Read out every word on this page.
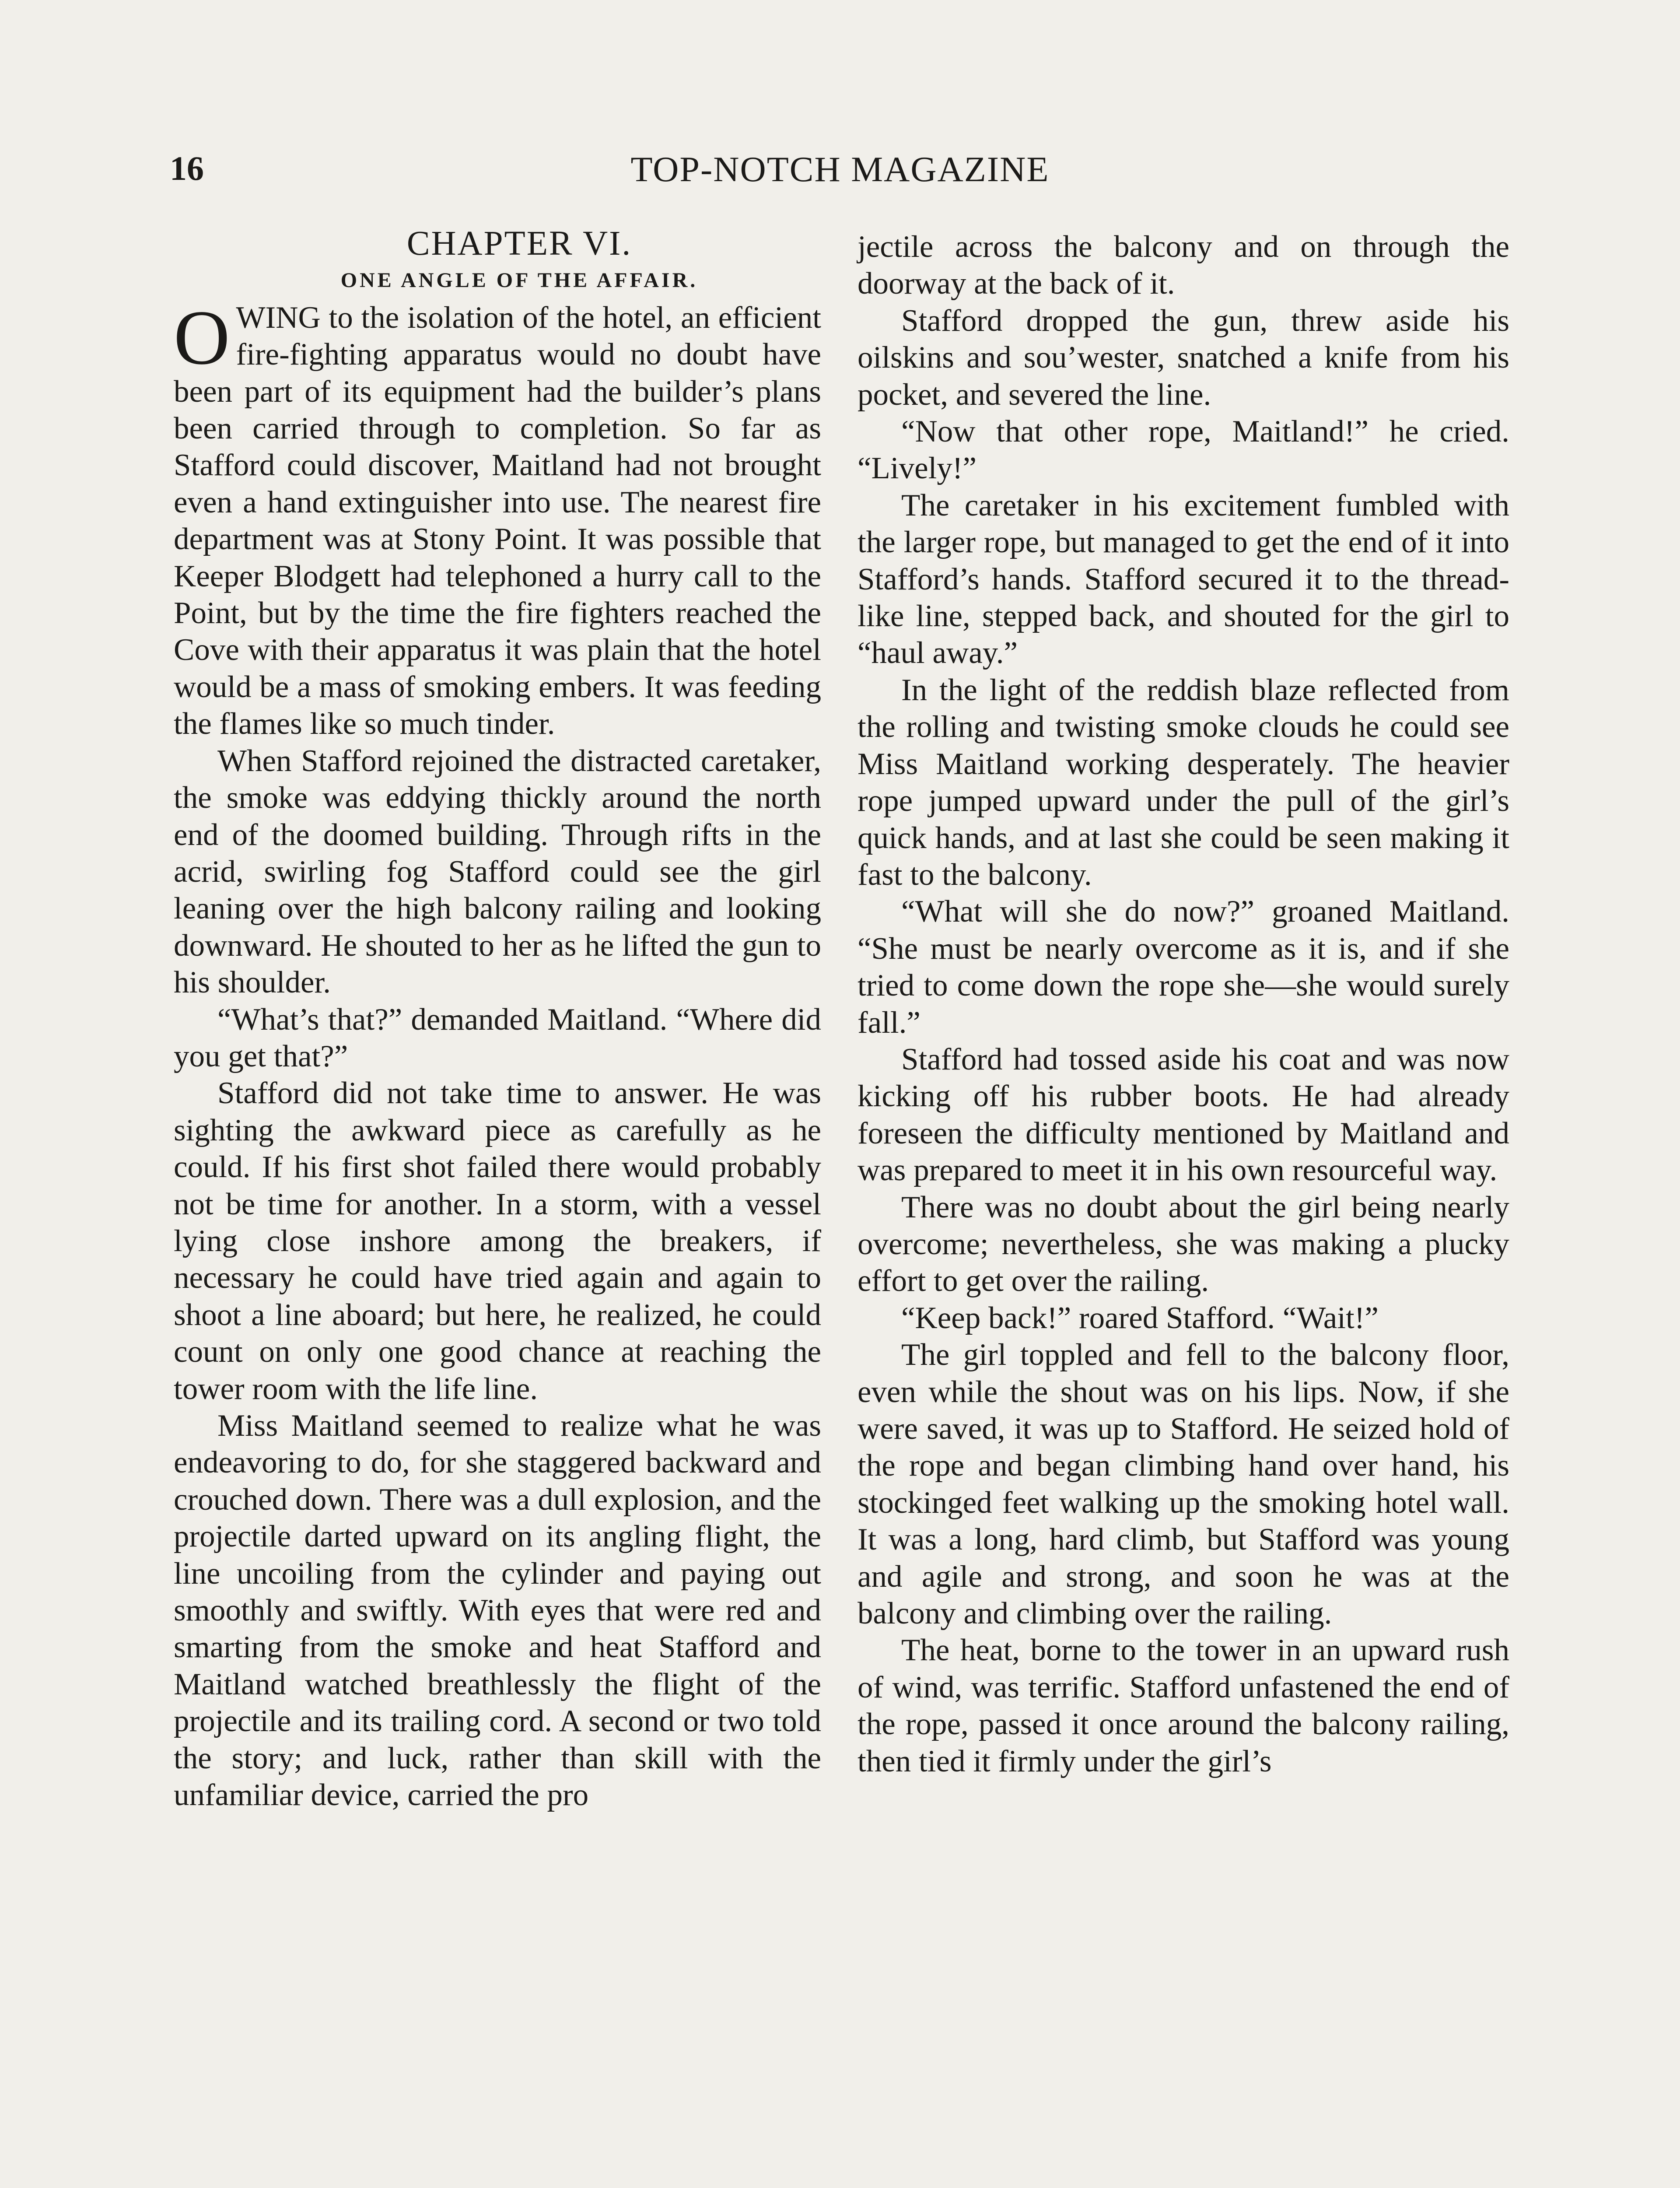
16	TOP-NOTCH MAGAZINE

CHAPTER VI.

ONE ANGLE OF THE AFFAIR.

OWING to the isolation of the hotel, an efficient fire-fighting apparatus would no doubt have been part of its equipment had the builder’s plans been carried through to completion. So far as Stafford could discover, Maitland had not brought even a hand extinguisher into use. The nearest fire department was at Stony Point. It was possible that Keeper Blodgett had telephoned a hurry call to the Point, but by the time the fire fighters reached the Cove with their apparatus it was plain that the hotel would be a mass of smoking embers. It was feeding the flames like so much tinder.

When Stafford rejoined the distracted caretaker, the smoke was eddying thickly around the north end of the doomed building. Through rifts in the acrid, swirling fog Stafford could see the girl leaning over the high balcony railing and looking downward. He shouted to her as he lifted the gun to his shoulder.

“What’s that?” demanded Maitland. “Where did you get that?”

Stafford did not take time to answer. He was sighting the awkward piece as carefully as he could. If his first shot failed there would probably not be time for another. In a storm, with a vessel lying close inshore among the breakers, if necessary he could have tried again and again to shoot a line aboard; but here, he realized, he could count on only one good chance at reaching the tower room with the life line.

Miss Maitland seemed to realize what he was endeavoring to do, for she staggered backward and crouched down. There was a dull explosion, and the projectile darted upward on its angling flight, the line uncoiling from the cylinder and paying out smoothly and swiftly. With eyes that were red and smarting from the smoke and heat Stafford and Maitland watched breathlessly the flight of the projectile and its trailing cord. A second or two told the story; and luck, rather than skill with the unfamiliar device, carried the pro

jectile across the balcony and on through the doorway at the back of it.

Stafford dropped the gun, threw aside his oilskins and sou’wester, snatched a knife from his pocket, and severed the line.

“Now that other rope, Maitland!” he cried. “Lively!”

The caretaker in his excitement fumbled with the larger rope, but managed to get the end of it into Stafford’s hands. Stafford secured it to the threadlike line, stepped back, and shouted for the girl to “haul away.”

In the light of the reddish blaze reflected from the rolling and twisting smoke clouds he could see Miss Maitland working desperately. The heavier rope jumped upward under the pull of the girl’s quick hands, and at last she could be seen making it fast to the balcony.

“What will she do now?” groaned Maitland. “She must be nearly overcome as it is, and if she tried to come down the rope she—she would surely fall.”

Stafford had tossed aside his coat and was now kicking off his rubber boots. He had already foreseen the difficulty mentioned by Maitland and was prepared to meet it in his own resourceful way.

There was no doubt about the girl being nearly overcome; nevertheless, she was making a plucky effort to get over the railing.

“Keep back!” roared Stafford. “Wait!”

The girl toppled and fell to the balcony floor, even while the shout was on his lips. Now, if she were saved, it was up to Stafford. He seized hold of the rope and began climbing hand over hand, his stockinged feet walking up the smoking hotel wall. It was a long, hard climb, but Stafford was young and agile and strong, and soon he was at the balcony and climbing over the railing.

The heat, borne to the tower in an upward rush of wind, was terrific. Stafford unfastened the end of the rope, passed it once around the balcony railing, then tied it firmly under the girl’s
